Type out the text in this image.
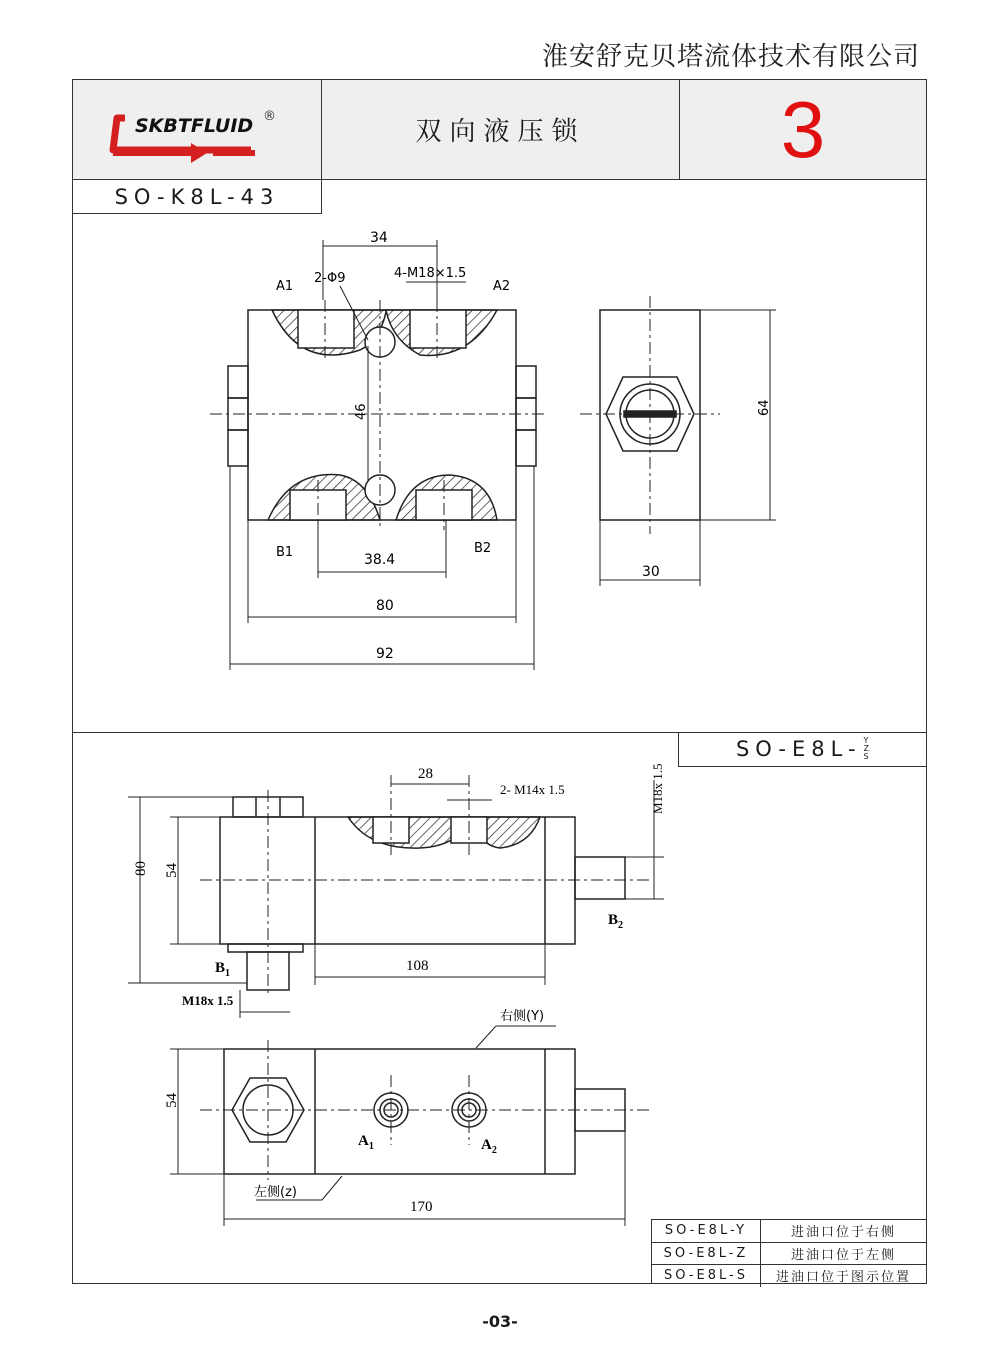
淮安舒克贝塔流体技术有限公司
SKBTFLUID ®
双向液压锁 3
SO-K8L-43
34
A1
2-Φ9	4-M18×1.5
A2
46
B1	B2
38.4
80
92
64
30
SO-E8L- Y
Z
S
28
2- M14x 1.5
80 54
108
$B_1$
M18x 1.5
$B_2$
M18x 1.5
54
$A_1$	$A_2$
右侧(Y)
左侧(z)
170
SO-E8L-Y	进油口位于右侧
SO-E8L-Z	进油口位于左侧
SO-E8L-S	进油口位于图示位置
-03-
